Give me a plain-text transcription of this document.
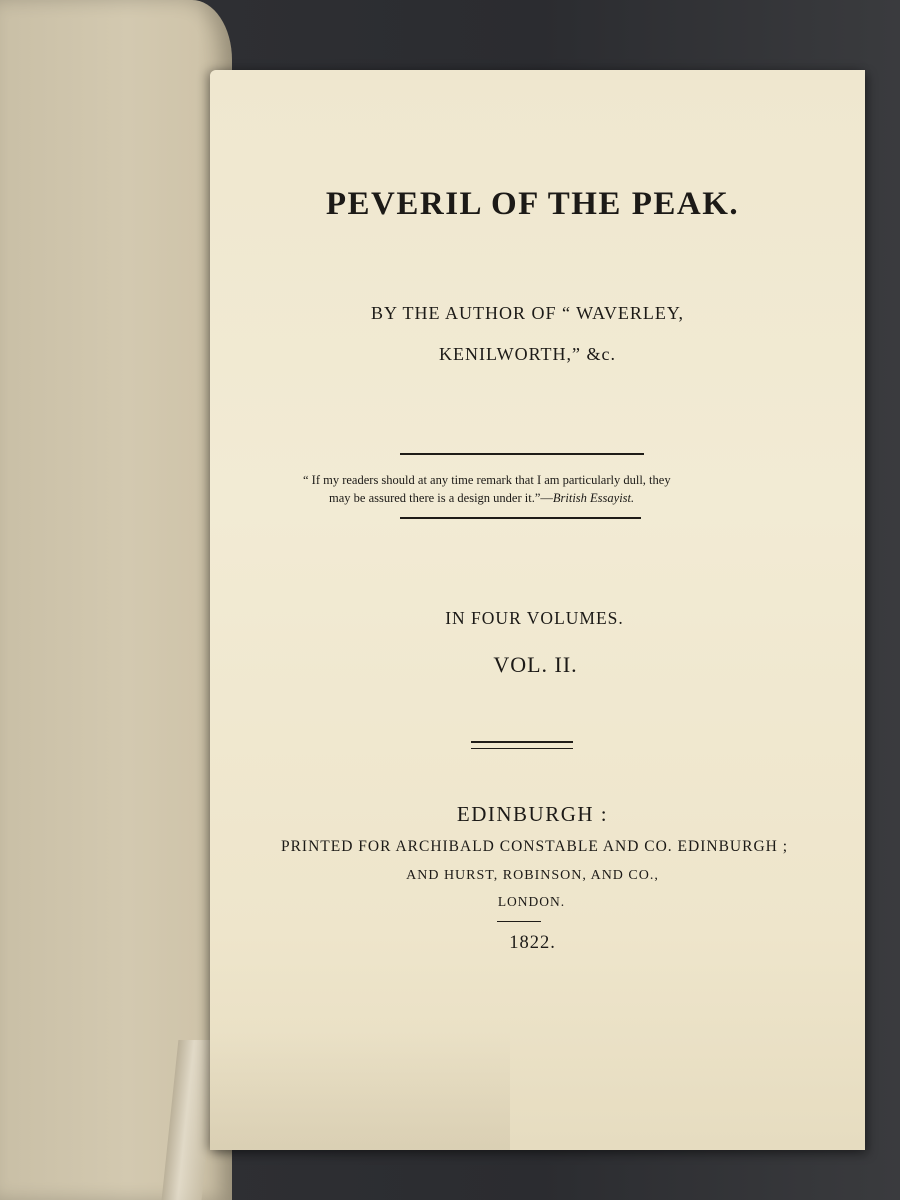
PEVERIL OF THE PEAK.
BY THE AUTHOR OF “ WAVERLEY,
KENILWORTH,” &c.
“ If my readers should at any time remark that I am particularly dull, they
may be assured there is a design under it.”—British Essayist.
IN FOUR VOLUMES.
VOL. II.
EDINBURGH :
PRINTED FOR ARCHIBALD CONSTABLE AND CO. EDINBURGH ;
AND HURST, ROBINSON, AND CO.,
LONDON.
1822.
